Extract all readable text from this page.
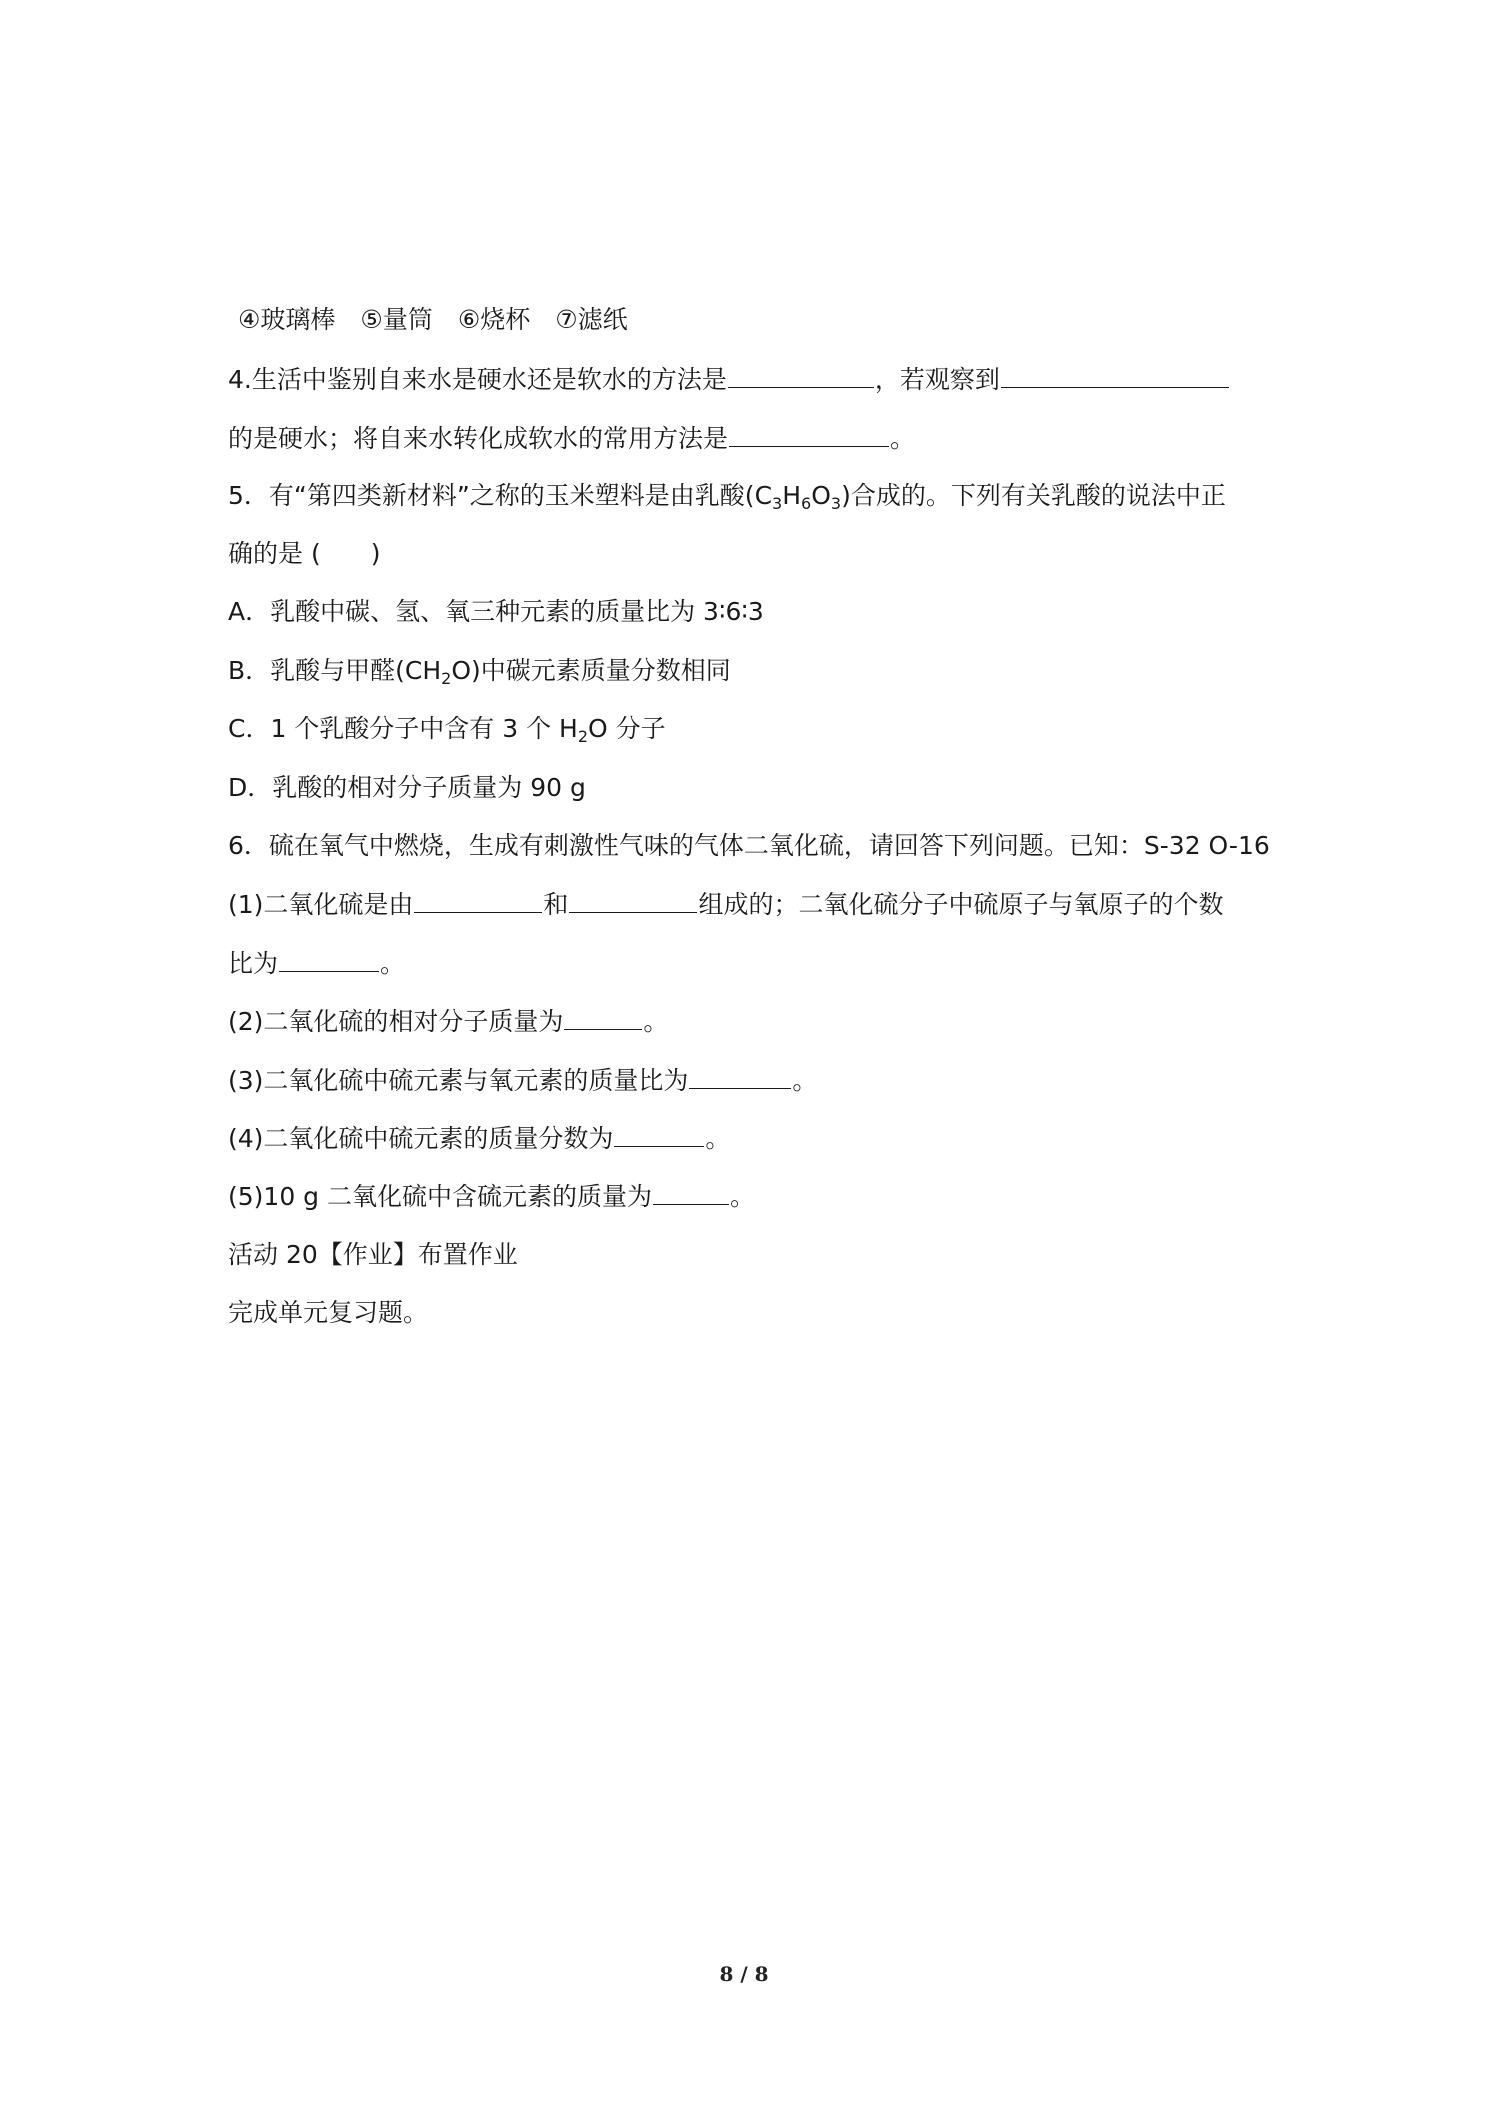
④玻璃棒　⑤量筒　⑥烧杯　⑦滤纸
4.生活中鉴别自来水是硬水还是软水的方法是	，若观察到
的是硬水；将自来水转化成软水的常用方法是	。
5．有“第四类新材料”之称的玉米塑料是由乳酸$(C_3H_6O_3)$合成的。下列有关乳酸的说法中正
确的是 (　　)
A．乳酸中碳、氢、氧三种元素的质量比为 3∶6∶3
B．乳酸与甲醛$(CH_2O)$中碳元素质量分数相同
C．1 个乳酸分子中含有 3 个 $H_2O$ 分子
D．乳酸的相对分子质量为 90 g
6．硫在氧气中燃烧，生成有刺激性气味的气体二氧化硫，请回答下列问题。已知：S-32 O-16
(1)二氧化硫是由	和	组成的；二氧化硫分子中硫原子与氧原子的个数
比为	。
(2)二氧化硫的相对分子质量为	。
(3)二氧化硫中硫元素与氧元素的质量比为	。
(4)二氧化硫中硫元素的质量分数为	。
(5)10 g 二氧化硫中含硫元素的质量为	。
活动 20【作业】布置作业
完成单元复习题。
8 / 8
